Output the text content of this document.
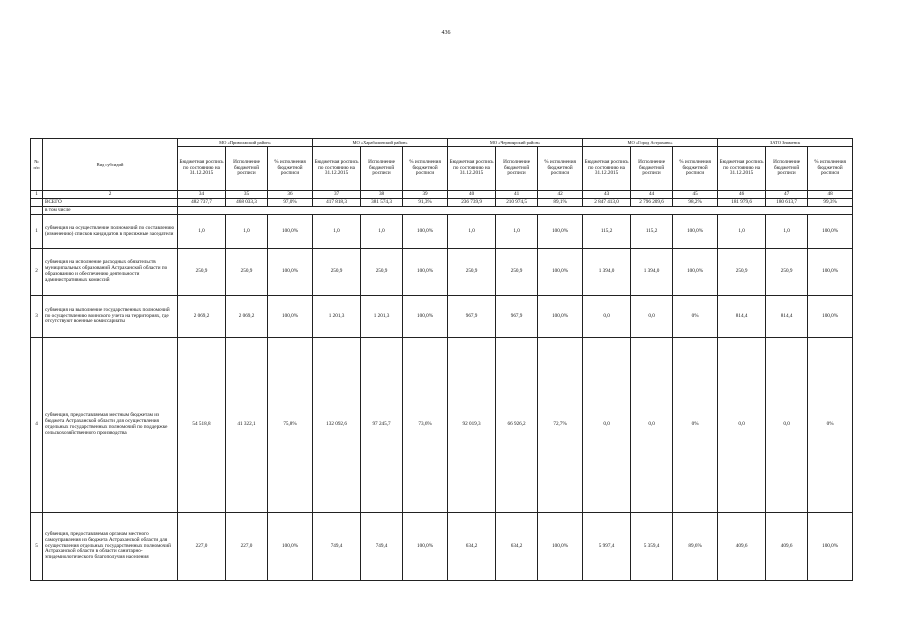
436
№ п/п	Вид субсидий	МО «Приволжский район»			МО «Харабалинский район»			МО «Черноярский район»			МО «Город Астрахань»			ЗАТО Знаменск		
		Бюджетная роспись по состоянию на 31.12.2015	Исполнение бюджетной росписи	% исполнения бюджетной росписи	Бюджетная роспись по состоянию на 31.12.2015	Исполнение бюджетной росписи	% исполнения бюджетной росписи	Бюджетная роспись по состоянию на 31.12.2015	Исполнение бюджетной росписи	% исполнения бюджетной росписи	Бюджетная роспись по состоянию на 31.12.2015	Исполнение бюджетной росписи	% исполнения бюджетной росписи	Бюджетная роспись по состоянию на 31.12.2015	Исполнение бюджетной росписи	% исполнения бюджетной росписи
1	2	34	35	36	37	38	39	40	41	42	43	44	45	46	47	48
	ВСЕГО	482 737,7	468 033,3	97,0%	417 818,3	381 574,3	91,3%	236 739,9	210 974,5	89,1%	2 847 413,0	2 796 209,6	98,2%	181 979,6	180 613,7	99,3%
	в том числе															
1	субвенция на осуществление полномочий по составлению (изменению) списков кандидатов в присяжные заседатели	1,0	1,0	100,0%	1,0	1,0	100,0%	1,0	1,0	100,0%	115,2	115,2	100,0%	1,0	1,0	100,0%
2	субвенция на исполнение расходных обязательств муниципальных образований Астраханской области по образованию и обеспечению деятельности административных комиссий	250,9	250,9	100,0%	250,9	250,9	100,0%	250,9	250,9	100,0%	1 394,0	1 394,0	100,0%	250,9	250,9	100,0%
3	субвенция на выполнение государственных полномочий по осуществлению воинского учета на территориях, где отсутствуют военные комиссариаты	2 069,2	2 069,2	100,0%	1 201,3	1 201,3	100,0%	967,9	967,9	100,0%	0,0	0,0	0%	814,4	814,4	100,0%
4	субвенция, предоставляемая местным бюджетам из бюджета Астраханской области для осуществления отдельных государственных полномочий по поддержке сельскохозяйственного производства	54 518,8	41 322,1	75,8%	132 092,6	97 245,7	73,6%	92 019,3	66 926,2	72,7%	0,0	0,0	0%	0,0	0,0	0%
5	субвенция, предоставляемая органам местного самоуправления из бюджета Астраханской области для осуществления отдельных государственных полномочий Астраханской области в области санитарно-эпидемиологического благополучия населения	227,0	227,0	100,0%	749,4	749,4	100,0%	634,2	634,2	100,0%	5 997,4	5 359,4	89,6%	409,6	409,6	100,0%
